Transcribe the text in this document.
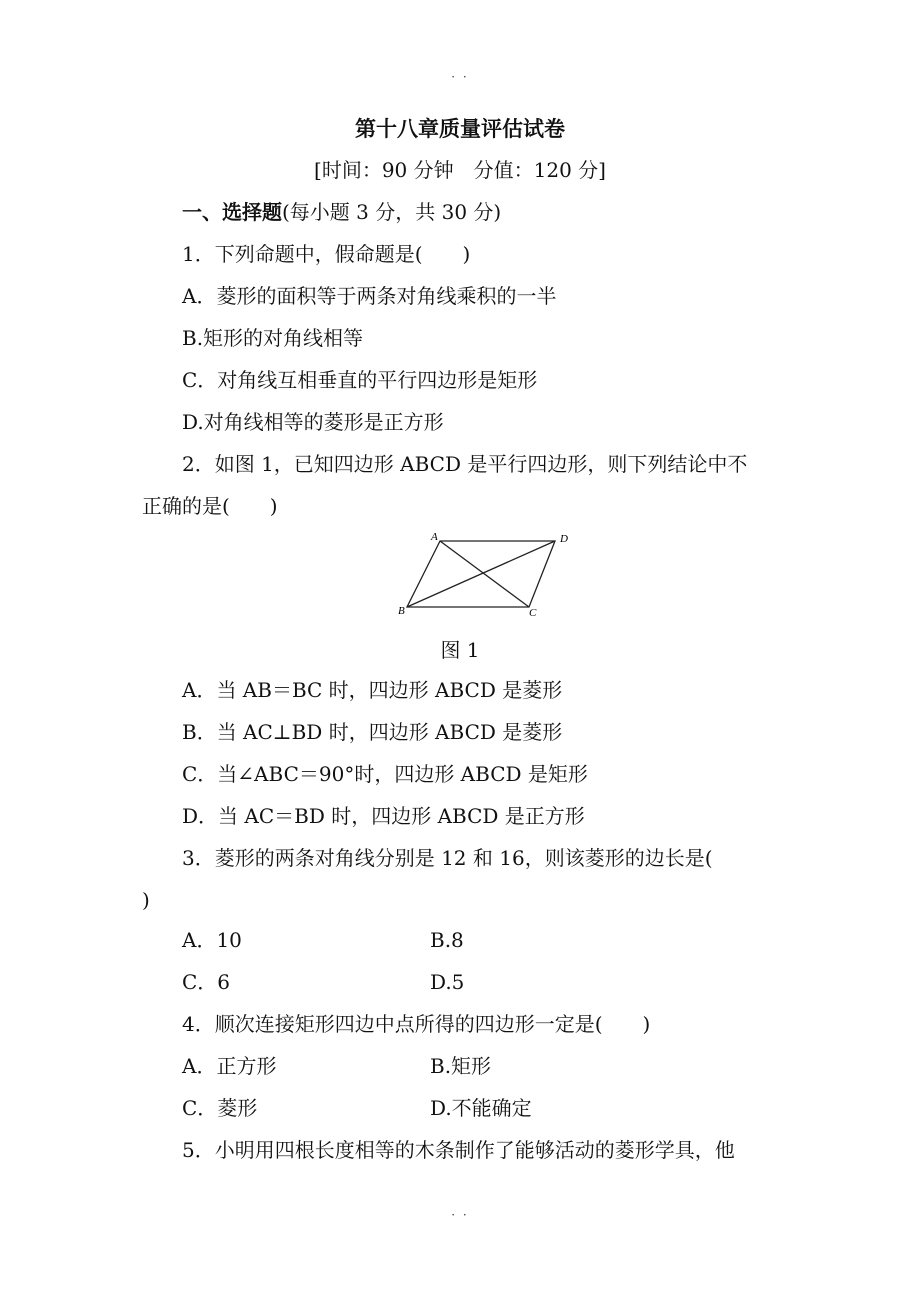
· ·
第十八章质量评估试卷
[时间：90 分钟　分值：120 分]
一、选择题(每小题 3 分，共 30 分)
1．下列命题中，假命题是(　　)
A．菱形的面积等于两条对角线乘积的一半
B.矩形的对角线相等
C．对角线互相垂直的平行四边形是矩形
D.对角线相等的菱形是正方形
2．如图 1，已知四边形 ABCD 是平行四边形，则下列结论中不
正确的是(　　)
A	D
B	C
图 1
A．当 AB＝BC 时，四边形 ABCD 是菱形
B．当 AC⊥BD 时，四边形 ABCD 是菱形
C．当∠ABC＝90°时，四边形 ABCD 是矩形
D．当 AC＝BD 时，四边形 ABCD 是正方形
3．菱形的两条对角线分别是 12 和 16，则该菱形的边长是(
)
A．10	B.8
C．6	D.5
4．顺次连接矩形四边中点所得的四边形一定是(　　)
A．正方形	B.矩形
C．菱形	D.不能确定
5．小明用四根长度相等的木条制作了能够活动的菱形学具，他
· ·
